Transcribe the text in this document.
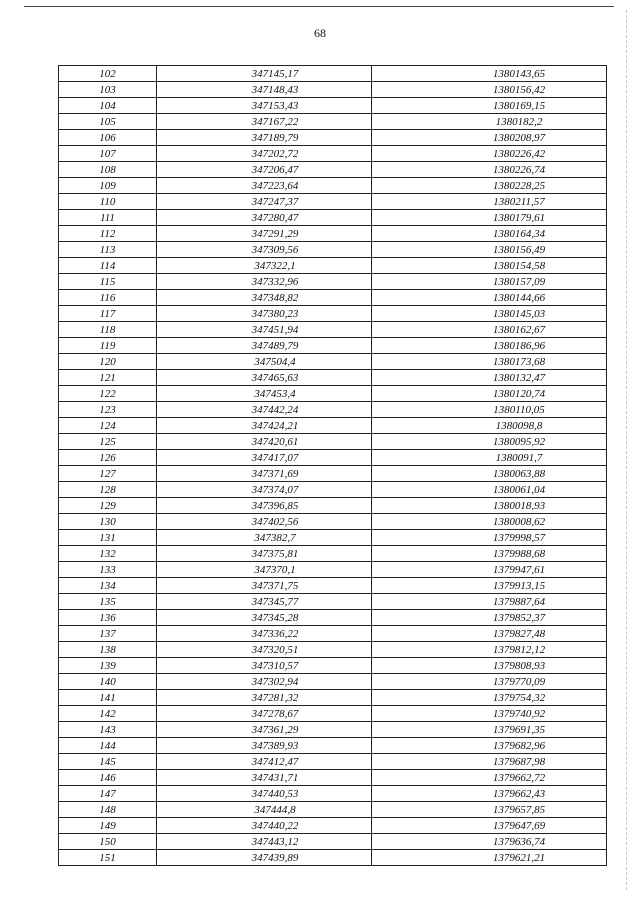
68
102	347145,17	1380143,65
103	347148,43	1380156,42
104	347153,43	1380169,15
105	347167,22	1380182,2
106	347189,79	1380208,97
107	347202,72	1380226,42
108	347206,47	1380226,74
109	347223,64	1380228,25
110	347247,37	1380211,57
111	347280,47	1380179,61
112	347291,29	1380164,34
113	347309,56	1380156,49
114	347322,1	1380154,58
115	347332,96	1380157,09
116	347348,82	1380144,66
117	347380,23	1380145,03
118	347451,94	1380162,67
119	347489,79	1380186,96
120	347504,4	1380173,68
121	347465,63	1380132,47
122	347453,4	1380120,74
123	347442,24	1380110,05
124	347424,21	1380098,8
125	347420,61	1380095,92
126	347417,07	1380091,7
127	347371,69	1380063,88
128	347374,07	1380061,04
129	347396,85	1380018,93
130	347402,56	1380008,62
131	347382,7	1379998,57
132	347375,81	1379988,68
133	347370,1	1379947,61
134	347371,75	1379913,15
135	347345,77	1379887,64
136	347345,28	1379852,37
137	347336,22	1379827,48
138	347320,51	1379812,12
139	347310,57	1379808,93
140	347302,94	1379770,09
141	347281,32	1379754,32
142	347278,67	1379740,92
143	347361,29	1379691,35
144	347389,93	1379682,96
145	347412,47	1379687,98
146	347431,71	1379662,72
147	347440,53	1379662,43
148	347444,8	1379657,85
149	347440,22	1379647,69
150	347443,12	1379636,74
151	347439,89	1379621,21
